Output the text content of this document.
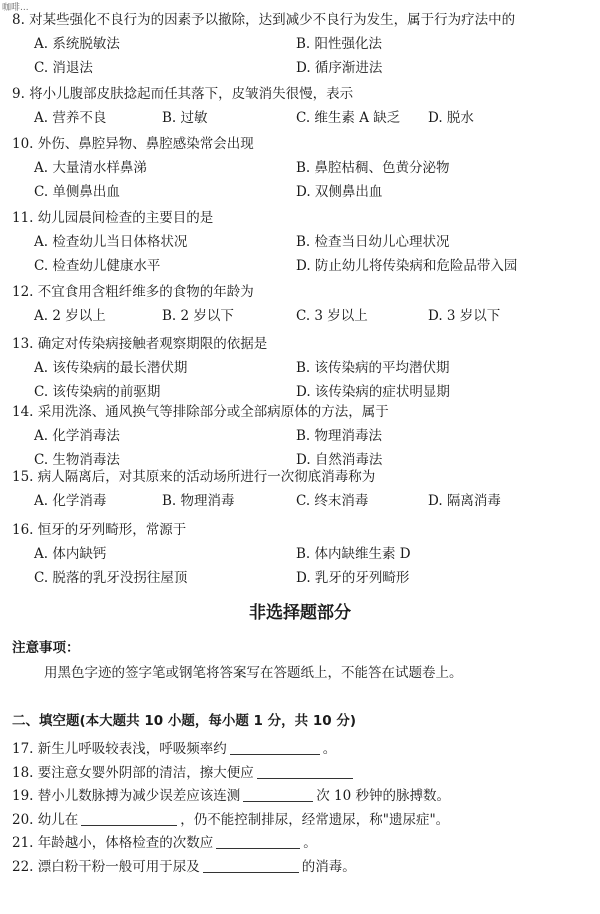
咖啡...
8. 对某些强化不良行为的因素予以撤除，达到减少不良行为发生，属于行为疗法中的
A. 系统脱敏法	B. 阳性强化法
C. 消退法	D. 循序渐进法
9. 将小儿腹部皮肤捻起而任其落下，皮皱消失很慢，表示
A. 营养不良	B. 过敏	C. 维生素 A 缺乏 D. 脱水
10. 外伤、鼻腔异物、鼻腔感染常会出现
A. 大量清水样鼻涕	B. 鼻腔枯稠、色黄分泌物
C. 单侧鼻出血	D. 双侧鼻出血
11. 幼儿园晨间检查的主要目的是
A. 检查幼儿当日体格状况	B. 检查当日幼儿心理状况
C. 检查幼儿健康水平	D. 防止幼儿将传染病和危险品带入园
12. 不宜食用含粗纤维多的食物的年龄为
A. 2 岁以上	B. 2 岁以下	C. 3 岁以上	D. 3 岁以下
13. 确定对传染病接触者观察期限的依据是
A. 该传染病的最长潜伏期	B. 该传染病的平均潜伏期
C. 该传染病的前驱期	D. 该传染病的症状明显期
14. 采用洗涤、通风换气等排除部分或全部病原体的方法，属于
A. 化学消毒法	B. 物理消毒法
C. 生物消毒法	D. 自然消毒法
15. 病人隔离后，对其原来的活动场所进行一次彻底消毒称为
A. 化学消毒	B. 物理消毒	C. 终末消毒	D. 隔离消毒
16. 恒牙的牙列畸形，常源于
A. 体内缺钙	B. 体内缺维生素 D
C. 脱落的乳牙没拐往屋顶	D. 乳牙的牙列畸形
非选择题部分
注意事项：
用黑色字迹的签字笔或钢笔将答案写在答题纸上，不能答在试题卷上。
二、填空题(本大题共 10 小题，每小题 1 分，共 10 分)
17. 新生儿呼吸较表浅，呼吸频率约	。
18. 要注意女婴外阴部的清洁，擦大便应
19. 替小儿数脉搏为减少误差应该连测	次 10 秒钟的脉搏数。
20. 幼儿在	，仍不能控制排尿，经常遗尿，称"遗尿症"。
21. 年龄越小，体格检查的次数应	。
22. 漂白粉干粉一般可用于尿及	的消毒。
